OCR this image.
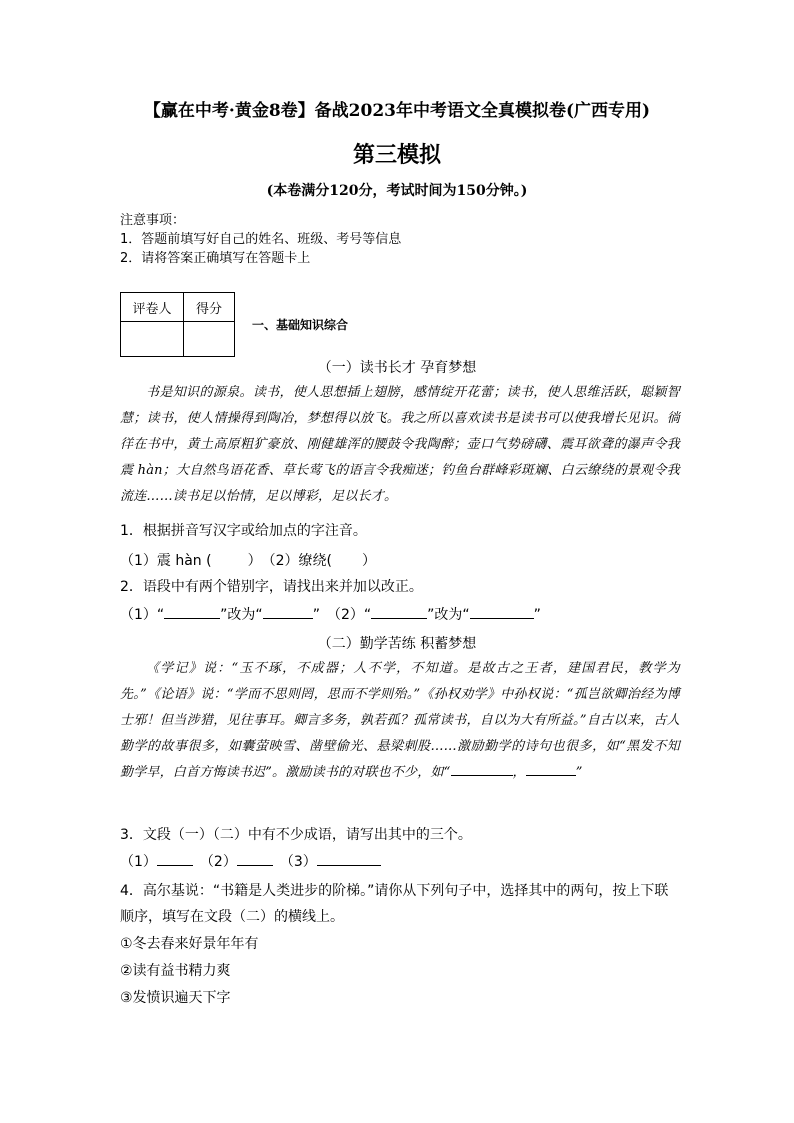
【赢在中考·黄金8卷】备战2023年中考语文全真模拟卷(广西专用)
第三模拟
(本卷满分120分，考试时间为150分钟。)
注意事项：
1．答题前填写好自己的姓名、班级、考号等信息
2．请将答案正确填写在答题卡上
评卷人	得分

一、基础知识综合
（一）读书长才 孕育梦想
书是知识的源泉。读书，使人思想插上翅膀，感情绽开花蕾；读书，使人思维活跃，聪颖智慧；读书，使人情操得到陶冶，梦想得以放飞。我之所以喜欢读书是读书可以使我增长见识。徜徉在书中，黄土高原粗犷豪放、刚健雄浑的腰鼓令我陶醉；壶口气势磅礴、震耳欲聋的瀑声令我震 hàn；大自然鸟语花香、草长莺飞的语言令我痴迷；钓鱼台群峰彩斑斓、白云缭绕的景观令我流连……读书足以怡情，足以博彩，足以长才。
1．根据拼音写汉字或给加点的字注音。
（1）震 hàn (	）　（2）缭绕( ）
2．语段中有两个错别字，请找出来并加以改正。
（1）“	”改为“	”　（2）“	”改为“	”
（二）勤学苦练 积蓄梦想
《学记》说：“玉不琢，不成器；人不学，不知道。是故古之王者，建国君民，教学为先。”《论语》说：“学而不思则罔，思而不学则殆。”《孙权劝学》中孙权说：“孤岂欲卿治经为博士邪！但当涉猎，见往事耳。卿言多务，孰若孤？孤常读书，自以为大有所益。”自古以来，古人勤学的故事很多，如囊萤映雪、凿壁偷光、悬梁刺股……激励勤学的诗句也很多，如“黑发不知勤学早，白首方悔读书迟”。激励读书的对联也不少，如“	，	”
3．文段（一）（二）中有不少成语，请写出其中的三个。
（1）　	（2）　	（3）
4．高尔基说：“书籍是人类进步的阶梯。”请你从下列句子中，选择其中的两句，按上下联
顺序，填写在文段（二）的横线上。
①冬去春来好景年年有
②读有益书精力爽
③发愤识遍天下字
